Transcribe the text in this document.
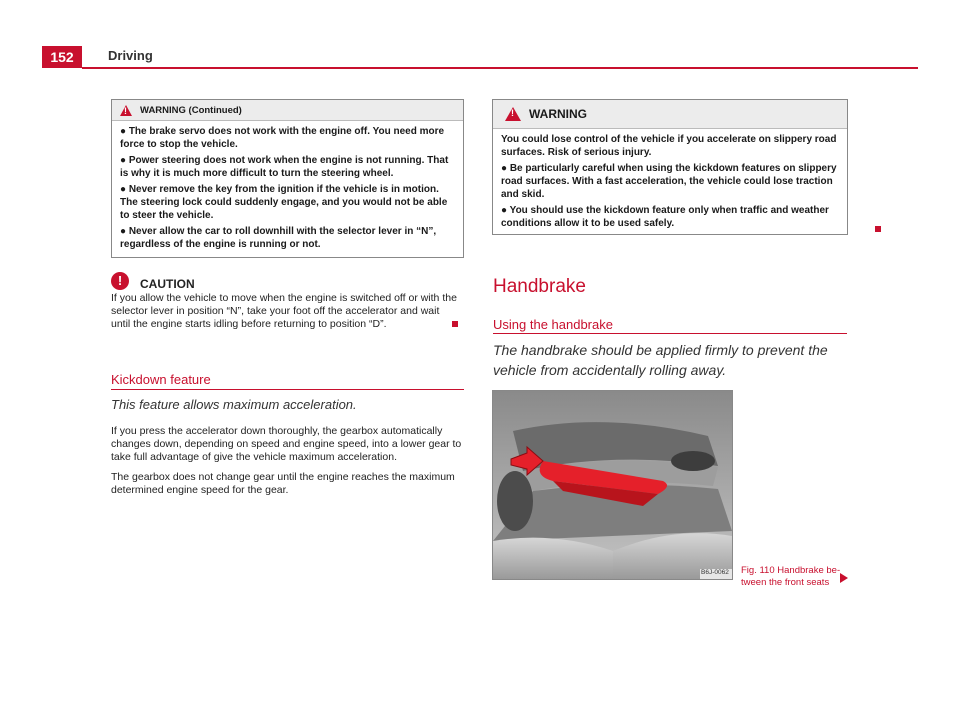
152	Driving
!
WARNING (Continued)

● The brake servo does not work with the engine off. You need more force to stop the vehicle.

● Power steering does not work when the engine is not running. That is why it is much more difficult to turn the steering wheel.

● Never remove the key from the ignition if the vehicle is in motion. The steering lock could suddenly engage, and you would not be able to steer the vehicle.

● Never allow the car to roll downhill with the selector lever in “N”, regardless of the engine is running or not.

!	CAUTION

If you allow the vehicle to move when the engine is switched off or with the selector lever in position “N”, take your foot off the accelerator and wait until the engine starts idling before returning to position “D”.

Kickdown feature
This feature allows maximum acceleration.

If you press the accelerator down thoroughly, the gearbox automatically changes down, depending on speed and engine speed, into a lower gear to take full advantage of give the vehicle maximum acceleration.

The gearbox does not change gear until the engine reaches the maximum determined engine speed for the gear.

!
WARNING

You could lose control of the vehicle if you accelerate on slippery road surfaces. Risk of serious injury.

● Be particularly careful when using the kickdown features on slippery road surfaces. With a fast acceleration, the vehicle could lose traction and skid.

● You should use the kickdown feature only when traffic and weather conditions allow it to be used safely.

Handbrake
Using the handbrake
The handbrake should be applied firmly to prevent the vehicle from accidentally rolling away.
B6J-0062 Fig. 110 Handbrake be-
tween the front seats
